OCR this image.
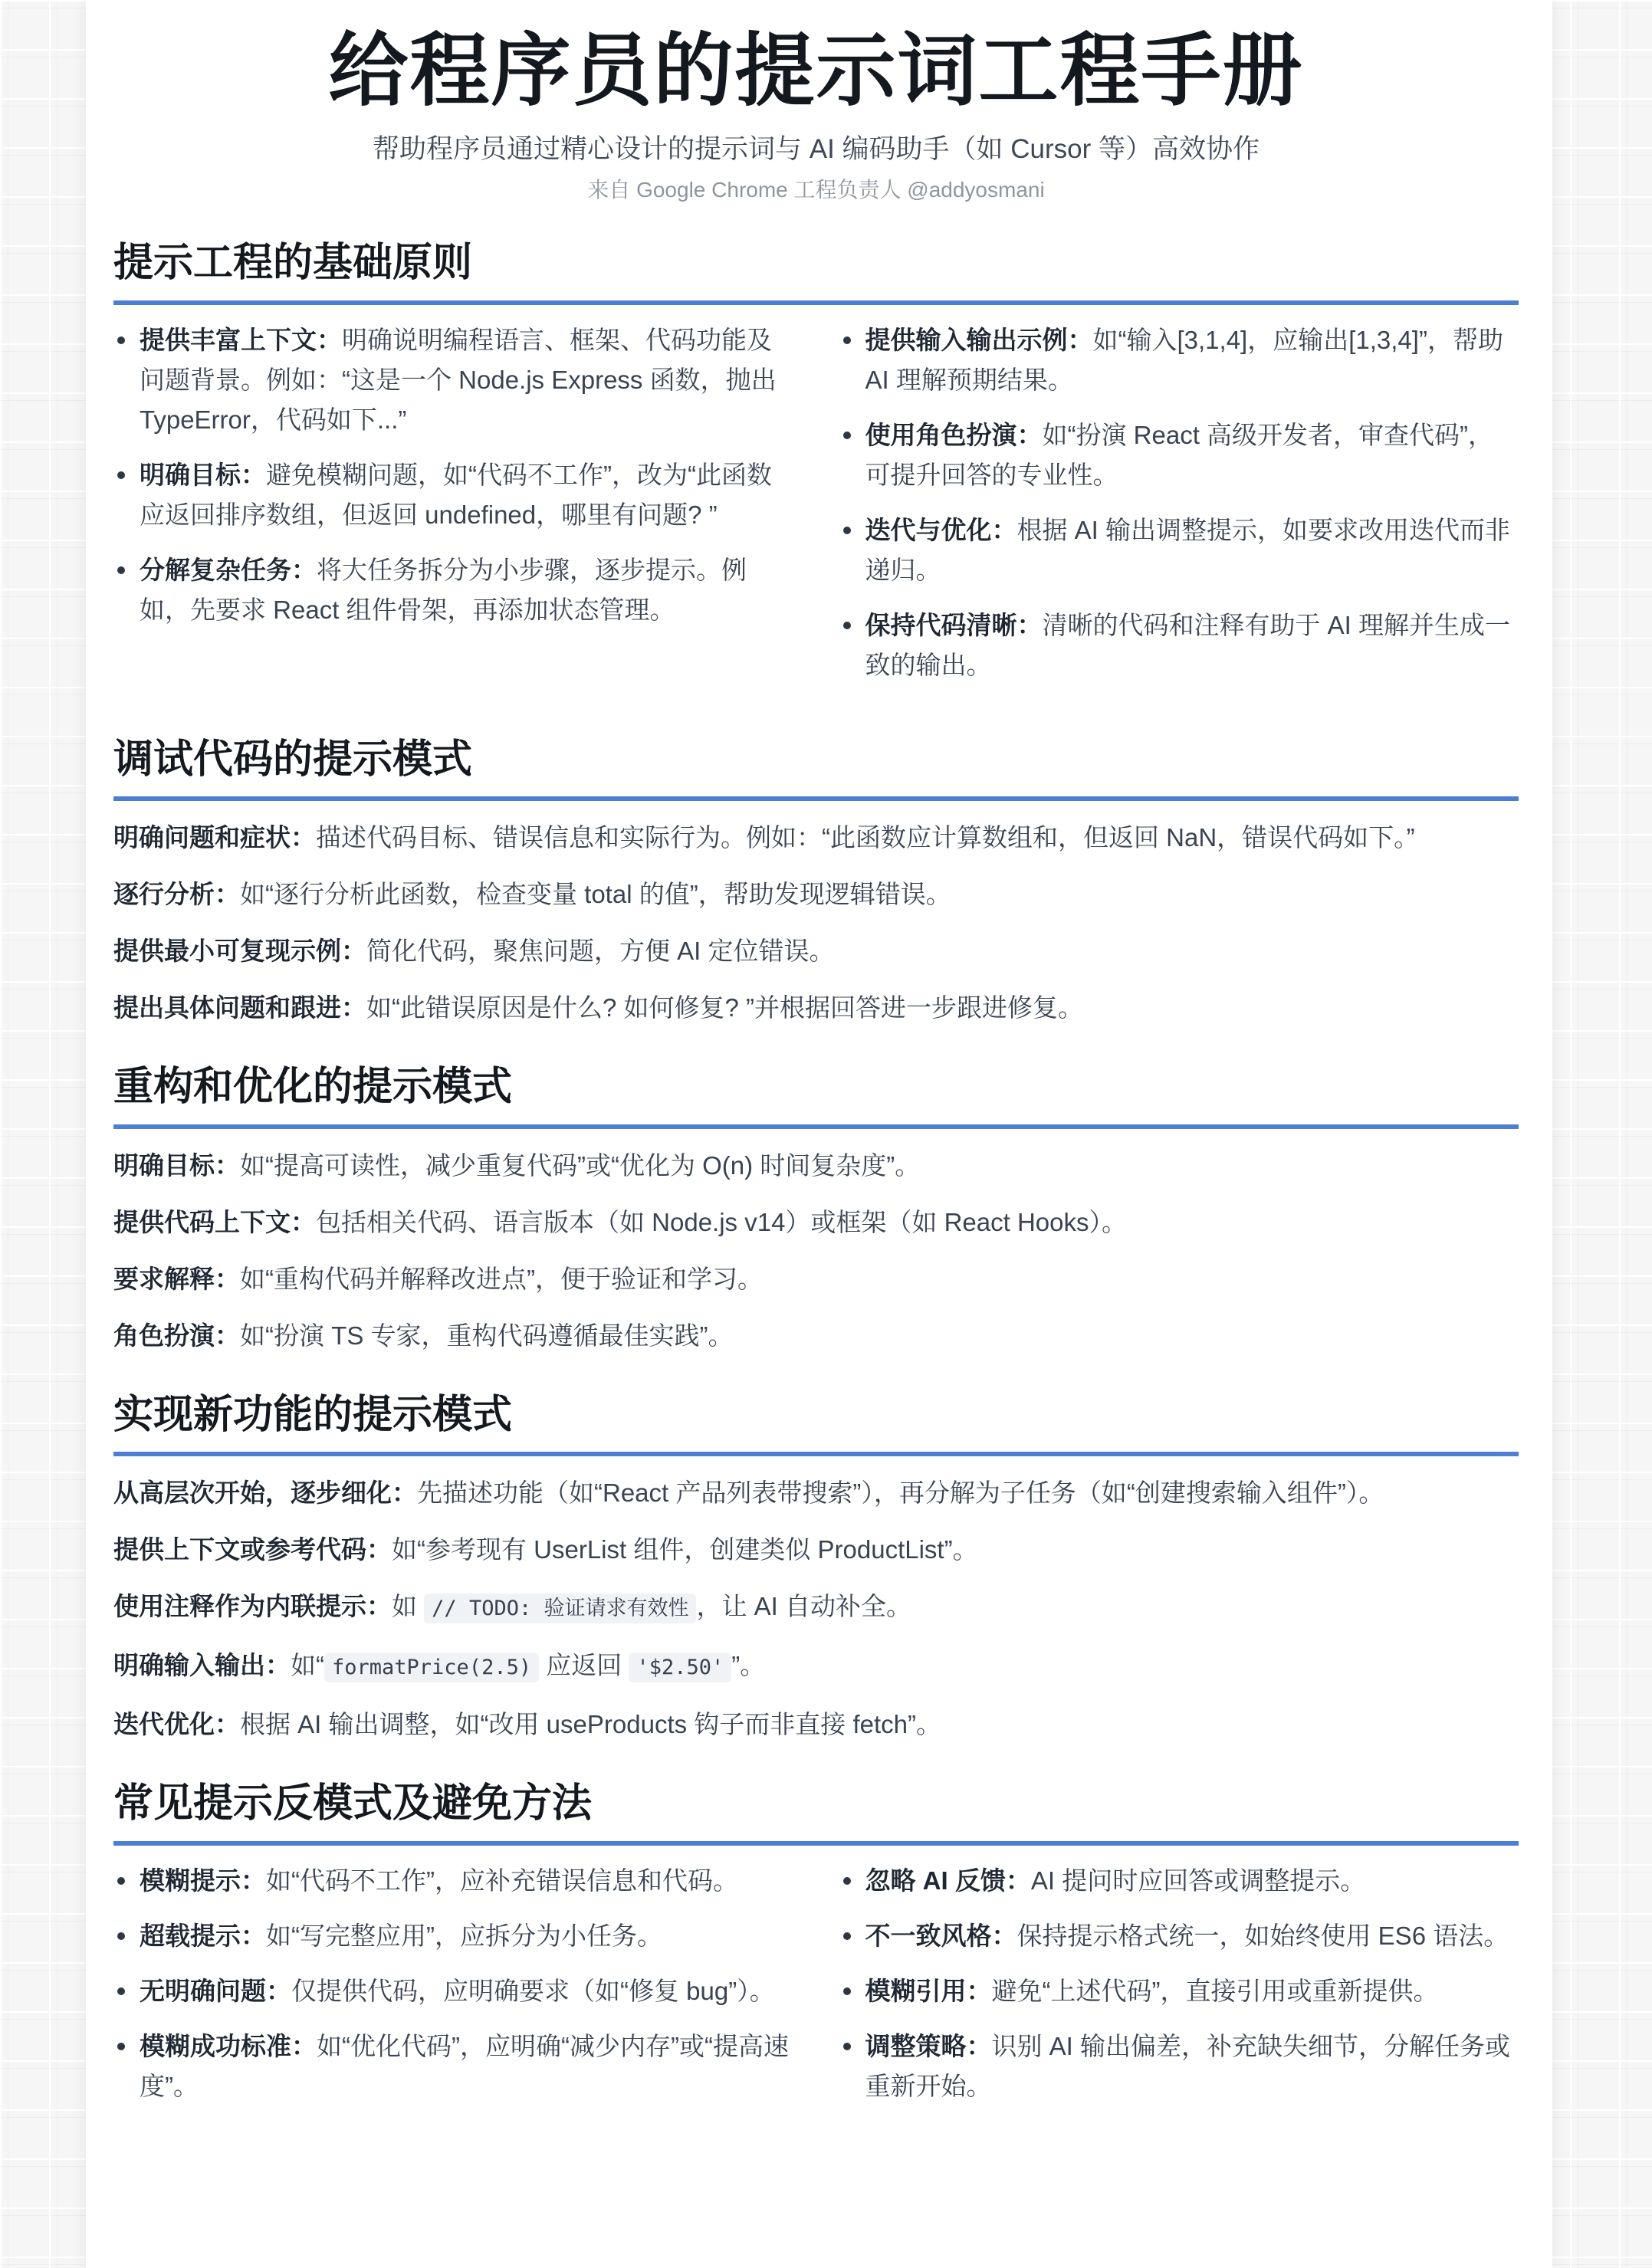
给程序员的提示词工程手册

帮助程序员通过精心设计的提示词与 AI 编码助手（如 Cursor 等）高效协作

来自 Google Chrome 工程负责人 @addyosmani

提示工程的基础原则
提供丰富上下文：明确说明编程语言、框架、代码功能及问题背景。例如：“这是一个 Node.js Express 函数，抛出 TypeError，代码如下...”
明确目标：避免模糊问题，如“代码不工作”，改为“此函数应返回排序数组，但返回 undefined，哪里有问题? ”
分解复杂任务：将大任务拆分为小步骤，逐步提示。例如，先要求 React 组件骨架，再添加状态管理。
提供输入输出示例：如“输入[3,1,4]，应输出[1,3,4]”，帮助 AI 理解预期结果。
使用角色扮演：如“扮演 React 高级开发者，审查代码”，可提升回答的专业性。
迭代与优化：根据 AI 输出调整提示，如要求改用迭代而非递归。
保持代码清晰：清晰的代码和注释有助于 AI 理解并生成一致的输出。
调试代码的提示模式

明确问题和症状：描述代码目标、错误信息和实际行为。例如：“此函数应计算数组和，但返回 NaN，错误代码如下。”

逐行分析：如“逐行分析此函数，检查变量 total 的值”，帮助发现逻辑错误。

提供最小可复现示例：简化代码，聚焦问题，方便 AI 定位错误。

提出具体问题和跟进：如“此错误原因是什么? 如何修复? ”并根据回答进一步跟进修复。

重构和优化的提示模式

明确目标：如“提高可读性，减少重复代码”或“优化为 O(n) 时间复杂度”。

提供代码上下文：包括相关代码、语言版本（如 Node.js v14）或框架（如 React Hooks）。

要求解释：如“重构代码并解释改进点”，便于验证和学习。

角色扮演：如“扮演 TS 专家，重构代码遵循最佳实践”。

实现新功能的提示模式

从高层次开始，逐步细化：先描述功能（如“React 产品列表带搜索”），再分解为子任务（如“创建搜索输入组件”）。

提供上下文或参考代码：如“参考现有 UserList 组件，创建类似 ProductList”。

使用注释作为内联提示：如 // TODO: 验证请求有效性 ，让 AI 自动补全。

明确输入输出：如“ formatPrice(2.5) 应返回 '$2.50' ”。

迭代优化：根据 AI 输出调整，如“改用 useProducts 钩子而非直接 fetch”。

常见提示反模式及避免方法
模糊提示：如“代码不工作”，应补充错误信息和代码。
超载提示：如“写完整应用”，应拆分为小任务。
无明确问题：仅提供代码，应明确要求（如“修复 bug”）。
模糊成功标准：如“优化代码”，应明确“减少内存”或“提高速度”。
忽略 AI 反馈：AI 提问时应回答或调整提示。
不一致风格：保持提示格式统一，如始终使用 ES6 语法。
模糊引用：避免“上述代码”，直接引用或重新提供。
调整策略：识别 AI 输出偏差，补充缺失细节，分解任务或重新开始。
